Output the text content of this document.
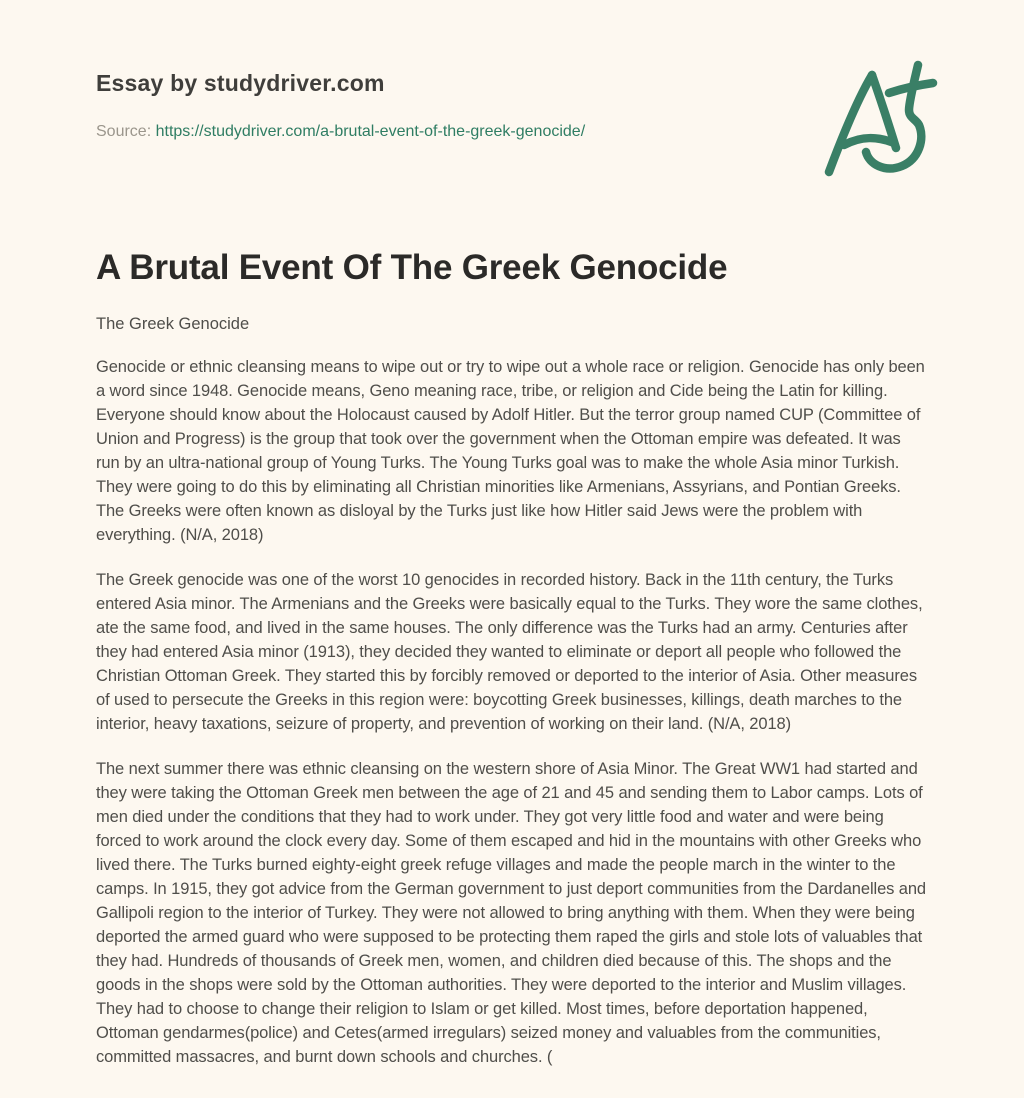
Essay by studydriver.com
Source: https://studydriver.com/a-brutal-event-of-the-greek-genocide/
A Brutal Event Of The Greek Genocide
The Greek Genocide

Genocide or ethnic cleansing means to wipe out or try to wipe out a whole race or religion. Genocide has only been a word since 1948. Genocide means, Geno meaning race, tribe, or religion and Cide being the Latin for killing. Everyone should know about the Holocaust caused by Adolf Hitler. But the terror group named CUP (Committee of Union and Progress) is the group that took over the government when the Ottoman empire was defeated. It was run by an ultra-national group of Young Turks. The Young Turks goal was to make the whole Asia minor Turkish. They were going to do this by eliminating all Christian minorities like Armenians, Assyrians, and Pontian Greeks. The Greeks were often known as disloyal by the Turks just like how Hitler said Jews were the problem with everything. (N/A, 2018)

The Greek genocide was one of the worst 10 genocides in recorded history. Back in the 11th century, the Turks entered Asia minor. The Armenians and the Greeks were basically equal to the Turks. They wore the same clothes, ate the same food, and lived in the same houses. The only difference was the Turks had an army. Centuries after they had entered Asia minor (1913), they decided they wanted to eliminate or deport all people who followed the Christian Ottoman Greek. They started this by forcibly removed or deported to the interior of Asia. Other measures of used to persecute the Greeks in this region were: boycotting Greek businesses, killings, death marches to the interior, heavy taxations, seizure of property, and prevention of working on their land. (N/A, 2018)

The next summer there was ethnic cleansing on the western shore of Asia Minor. The Great WW1 had started and they were taking the Ottoman Greek men between the age of 21 and 45 and sending them to Labor camps. Lots of men died under the conditions that they had to work under. They got very little food and water and were being forced to work around the clock every day. Some of them escaped and hid in the mountains with other Greeks who lived there. The Turks burned eighty-eight greek refuge villages and made the people march in the winter to the camps. In 1915, they got advice from the German government to just deport communities from the Dardanelles and Gallipoli region to the interior of Turkey. They were not allowed to bring anything with them. When they were being deported the armed guard who were supposed to be protecting them raped the girls and stole lots of valuables that they had. Hundreds of thousands of Greek men, women, and children died because of this. The shops and the goods in the shops were sold by the Ottoman authorities. They were deported to the interior and Muslim villages. They had to choose to change their religion to Islam or get killed. Most times, before deportation happened, Ottoman gendarmes(police) and Cetes(armed irregulars) seized money and valuables from the communities, committed massacres, and burnt down schools and churches. (
